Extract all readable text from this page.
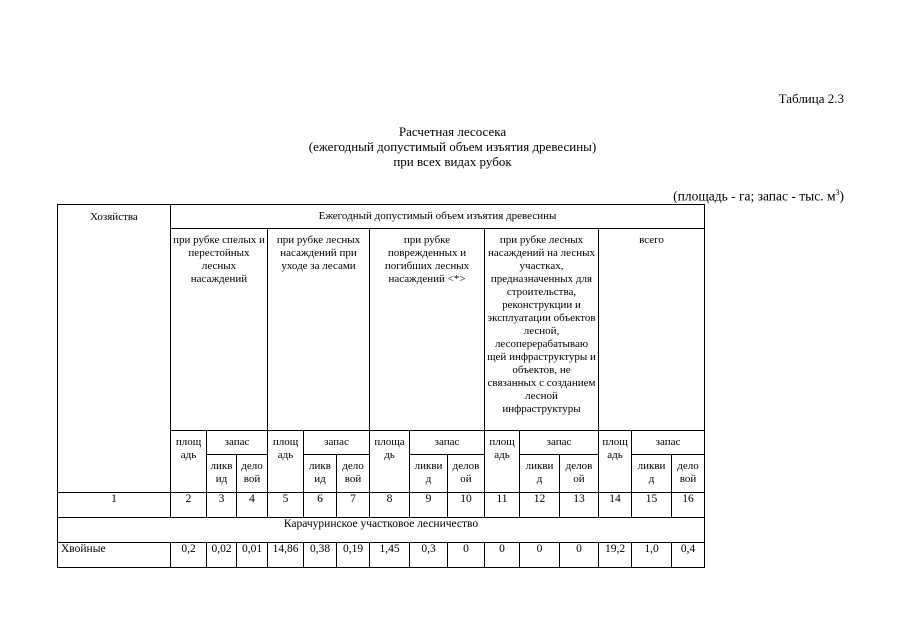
Таблица 2.3
Расчетная лесосека
(ежегодный допустимый объем изъятия древесины)
при всех видах рубок
(площадь - га; запас - тыс. $м^3$)
Хозяйства	Ежегодный допустимый объем изъятия древесины														
	при рубке спелых и перестойных лесных насаждений			при рубке лесных насаждений при уходе за лесами			при рубке поврежденных и погибших лесных насаждений <*>			при рубке лесных насаждений на лесных участках, предназначенных для строительства, реконструкции и эксплуатации объектов лесной, лесоперерабатываю щей инфраструктуры и объектов, не связанных с созданием лесной инфраструктуры			всего		
	площ адь	запас		площ адь	запас		площа дь	запас		площ адь	запас		площ адь	запас	
		ликв ид	дело вой		ликв ид	дело вой		ликви д	делов ой		ликви д	делов ой		ликви д	дело вой
1	2	3	4	5	6	7	8	9	10	11	12	13	14	15	16
Карачуринское участковое лесничество															
Хвойные	0,2	0,02	0,01	14,86	0,38	0,19	1,45	0,3	0	0	0	0	19,2	1,0	0,4
